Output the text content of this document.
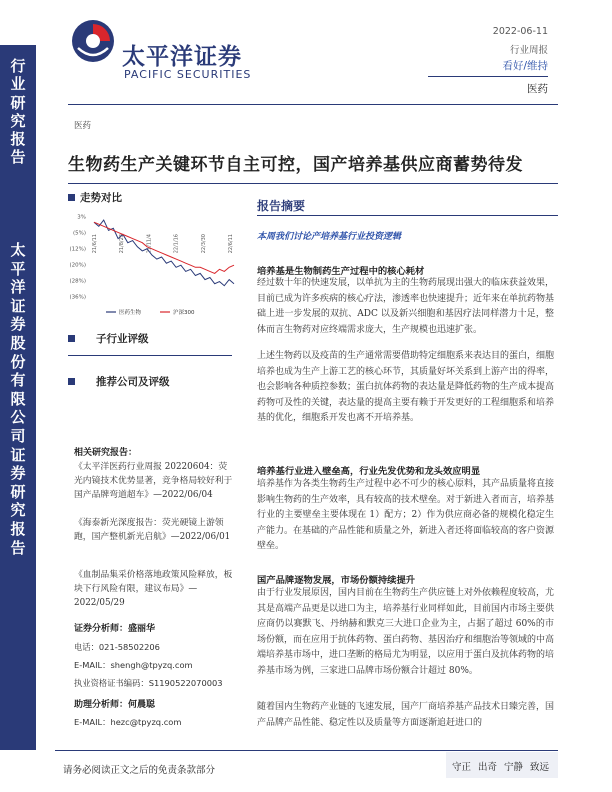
行
业
研
究
报
告
太
平
洋
证
券
股
份
有
限
公
司
证
券
研
究
报
告
太平洋证券
PACIFIC SECURITIES
2022-06-11
行业周报
看好/维持
医药
医药
生物药生产关键环节自主可控，国产培养基供应商蓄势待发
走势对比
3%
(5%)
(12%)
(20%)
(28%)
(36%)
21/6/11	21/8/23	21/11/4	22/1/16	22/3/30	22/6/11
医药生物	沪深300
子行业评级
推荐公司及评级
相关研究报告：
《太平洋医药行业周报 20220604：荧光内镜技术优势显著，竞争格局较好利于国产品牌弯道超车》—2022/06/04
《海泰新光深度报告：荧光硬镜上游领跑，国产整机新光启航》—2022/06/01
《血制品集采价格落地政策风险释放，板块下行风险有限，建议布局》—2022/05/29
证券分析师：盛丽华
电话：021-58502206
E-MAIL：shengh@tpyzq.com
执业资格证书编码：S1190522070003
助理分析师：何晨聪
E-MAIL：hezc@tpyzq.com
报告摘要
本周我们讨论产培养基行业投资逻辑
培养基是生物制药生产过程中的核心耗材
经过数十年的快速发展，以单抗为主的生物药展现出强大的临床获益效果，目前已成为许多疾病的核心疗法，渗透率也快速提升；近年来在单抗药物基础上进一步发展的双抗、ADC 以及新兴细胞和基因疗法同样潜力十足，整体而言生物药对应终端需求庞大，生产规模也迅速扩张。
上述生物药以及疫苗的生产通常需要借助特定细胞系来表达目的蛋白，细胞培养也成为生产上游工艺的核心环节，其质量好坏关系到上游产出的得率，也会影响各种质控参数；蛋白抗体药物的表达量是降低药物的生产成本提高药物可及性的关键，表达量的提高主要有赖于开发更好的工程细胞系和培养基的优化，细胞系开发也离不开培养基。
培养基行业进入壁垒高，行业先发优势和龙头效应明显
培养基作为各类生物药生产过程中必不可少的核心原料，其产品质量将直接影响生物药的生产效率，具有较高的技术壁垒。对于新进入者而言，培养基行业的主要壁垒主要体现在 1）配方；2）作为供应商必备的规模化稳定生产能力。在基础的产品性能和质量之外，新进入者还将面临较高的客户资源壁垒。
国产品牌逐物发展，市场份额持续提升
由于行业发展原因，国内目前在生物药生产供应链上对外依赖程度较高，尤其是高端产品更是以进口为主，培养基行业同样如此，目前国内市场主要供应商仍以赛默飞、丹纳赫和默克三大进口企业为主，占据了超过 60%的市场份额，而在应用于抗体药物、蛋白药物、基因治疗和细胞治等领域的中高端培养基市场中，进口垄断的格局尤为明显，以应用于蛋白及抗体药物的培养基市场为例，三家进口品牌市场份额合计超过 80%。
随着国内生物药产业链的飞速发展，国产厂商培养基产品技术日臻完善，国产品牌产品性能、稳定性以及质量等方面逐渐追赶进口的
请务必阅读正文之后的免责条款部分	守正 出奇 宁静 致远
